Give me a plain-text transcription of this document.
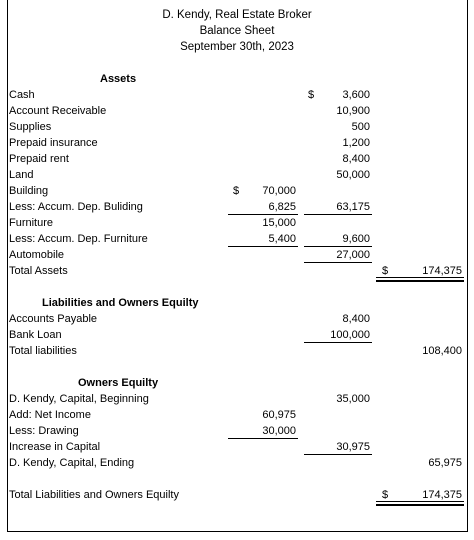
D. Kendy, Real Estate Broker
Balance Sheet
September 30th, 2023
Assets
Cash	$	3,600
Account Receivable	10,900
Supplies	500
Prepaid insurance	1,200
Prepaid rent	8,400
Land	50,000
Building	$	70,000
Less: Accum. Dep. Buliding	6,825	63,175
Furniture	15,000
Less: Accum. Dep. Furniture	5,400	9,600
Automobile	27,000
Total Assets	$	174,375
Liabilities and Owners Equilty
Accounts Payable	8,400
Bank Loan	100,000
Total liabilities	108,400
Owners Equilty
D. Kendy, Capital, Beginning	35,000
Add: Net Income	60,975
Less: Drawing	30,000
Increase in Capital	30,975
D. Kendy, Capital, Ending	65,975
Total Liabilities and Owners Equilty	$	174,375
